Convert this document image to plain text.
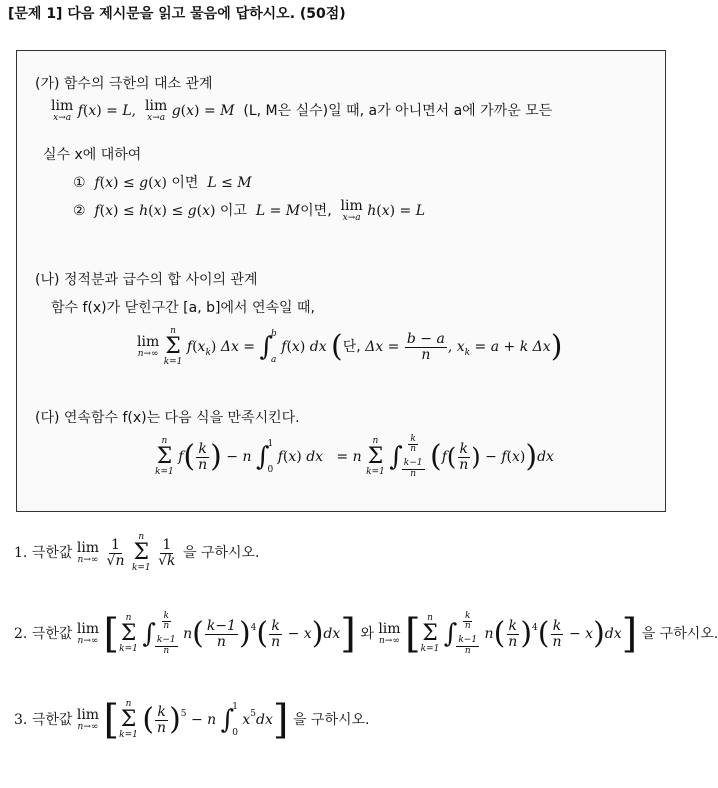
[문제 1] 다음 제시문을 읽고 물음에 답하시오. (50점)
(가) 함수의 극한의 대소 관계
lim
x→a f(x) = L, lim
x→a g(x) = M (L, M은 실수)일 때, a가 아니면서 a에 가까운 모든
실수 x에 대하여
① f(x) ≤ g(x) 이면 L ≤ M
② f(x) ≤ h(x) ≤ g(x) 이고 L = M이면, lim
x→a h(x) = L
(나) 정적분과 급수의 합 사이의 관계
함수 f(x)가 닫힌구간 [a, b]에서 연속일 때,
lim
n→∞

n
Σ
k=1
$f(x_k) \Delta x$ = ∫
b
a
f(x) dx (단, $\Delta x = \frac{b - a}{n}$ , $x_k = a + k$ Δx)
(다) 연속함수 f(x)는 다음 식을 만족시킨다.
n
Σ
k=1
$f( \frac{k}{n}$ ) − n ∫
1
0
f(x) dx   = n
n
Σ
k=1
∫ $\frac{k}{n}$
$\frac{k-1}{n} (f( \frac{k}{n}$ ) − f(x))dx
1. 극한값 lim
n→∞
$\frac{1}{√n}$

n
Σ
k=1
$\frac{1}{√k}$ 을 구하시오.
2. 극한값 lim
n→∞ [ n
Σ
k=1
∫ $\frac{k}{n}$
$\frac{k-1}{n}$
$n( \frac{k-1}{n} )^4( \frac{k}{n} - x)dx$] 와 lim
n→∞ [ n
Σ
k=1
∫ $\frac{k}{n}$
$\frac{k-1}{n}$
$n( \frac{k}{n} )^4( \frac{k}{n} - x)dx$] 을 구하시오.
3. 극한값 lim
n→∞ [ n
Σ
k=1 ( $\frac{k}{n} )^5 - n$ ∫
1
0
$x^5dx$] 을 구하시오.
